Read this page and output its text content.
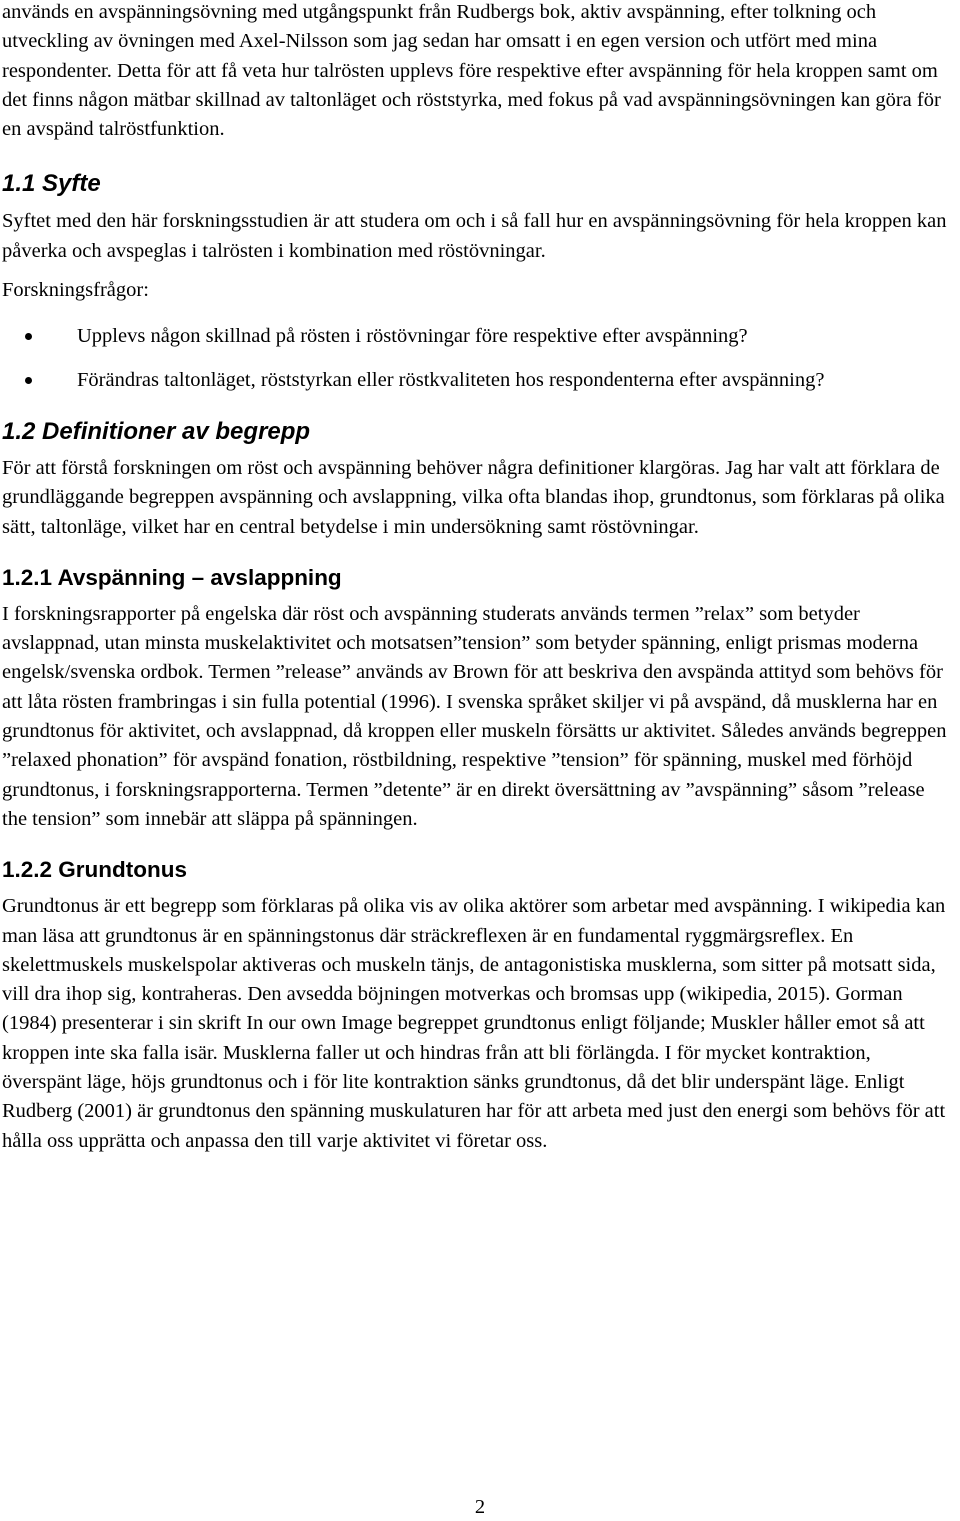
används en avspänningsövning med utgångspunkt från Rudbergs bok, aktiv avspänning, efter tolkning och utveckling av övningen med Axel-Nilsson som jag sedan har omsatt i en egen version och utfört med mina respondenter. Detta för att få veta hur talrösten upplevs före respektive efter avspänning för hela kroppen samt om det finns någon mätbar skillnad av taltonläget och röststyrka, med fokus på vad avspänningsövningen kan göra för en avspänd talröstfunktion.

1.1 Syfte

Syftet med den här forskningsstudien är att studera om och i så fall hur en avspänningsövning för hela kroppen kan påverka och avspeglas i talrösten i kombination med röstövningar.

Forskningsfrågor:

Upplevs någon skillnad på rösten i röstövningar före respektive efter avspänning?
Förändras taltonläget, röststyrkan eller röstkvaliteten hos respondenterna efter avspänning?
1.2 Definitioner av begrepp

För att förstå forskningen om röst och avspänning behöver några definitioner klargöras. Jag har valt att förklara de grundläggande begreppen avspänning och avslappning, vilka ofta blandas ihop, grundtonus, som förklaras på olika sätt, taltonläge, vilket har en central betydelse i min undersökning samt röstövningar.

1.2.1 Avspänning – avslappning

I forskningsrapporter på engelska där röst och avspänning studerats används termen ”relax” som betyder avslappnad, utan minsta muskelaktivitet och motsatsen”tension” som betyder spänning, enligt prismas moderna engelsk/svenska ordbok. Termen ”release” används av Brown för att beskriva den avspända attityd som behövs för att låta rösten frambringas i sin fulla potential (1996). I svenska språket skiljer vi på avspänd, då musklerna har en grundtonus för aktivitet, och avslappnad, då kroppen eller muskeln försätts ur aktivitet. Således används begreppen ”relaxed phonation” för avspänd fonation, röstbildning, respektive ”tension” för spänning, muskel med förhöjd grundtonus, i forskningsrapporterna. Termen ”detente” är en direkt översättning av ”avspänning” såsom ”release the tension” som innebär att släppa på spänningen.

1.2.2 Grundtonus

Grundtonus är ett begrepp som förklaras på olika vis av olika aktörer som arbetar med avspänning. I wikipedia kan man läsa att grundtonus är en spänningstonus där sträckreflexen är en fundamental ryggmärgsreflex. En skelettmuskels muskelspolar aktiveras och muskeln tänjs, de antagonistiska musklerna, som sitter på motsatt sida, vill dra ihop sig, kontraheras. Den avsedda böjningen motverkas och bromsas upp (wikipedia, 2015). Gorman (1984) presenterar i sin skrift In our own Image begreppet grundtonus enligt följande; Muskler håller emot så att kroppen inte ska falla isär. Musklerna faller ut och hindras från att bli förlängda. I för mycket kontraktion, överspänt läge, höjs grundtonus och i för lite kontraktion sänks grundtonus, då det blir underspänt läge. Enligt Rudberg (2001) är grundtonus den spänning muskulaturen har för att arbeta med just den energi som behövs för att hålla oss upprätta och anpassa den till varje aktivitet vi företar oss.

2
